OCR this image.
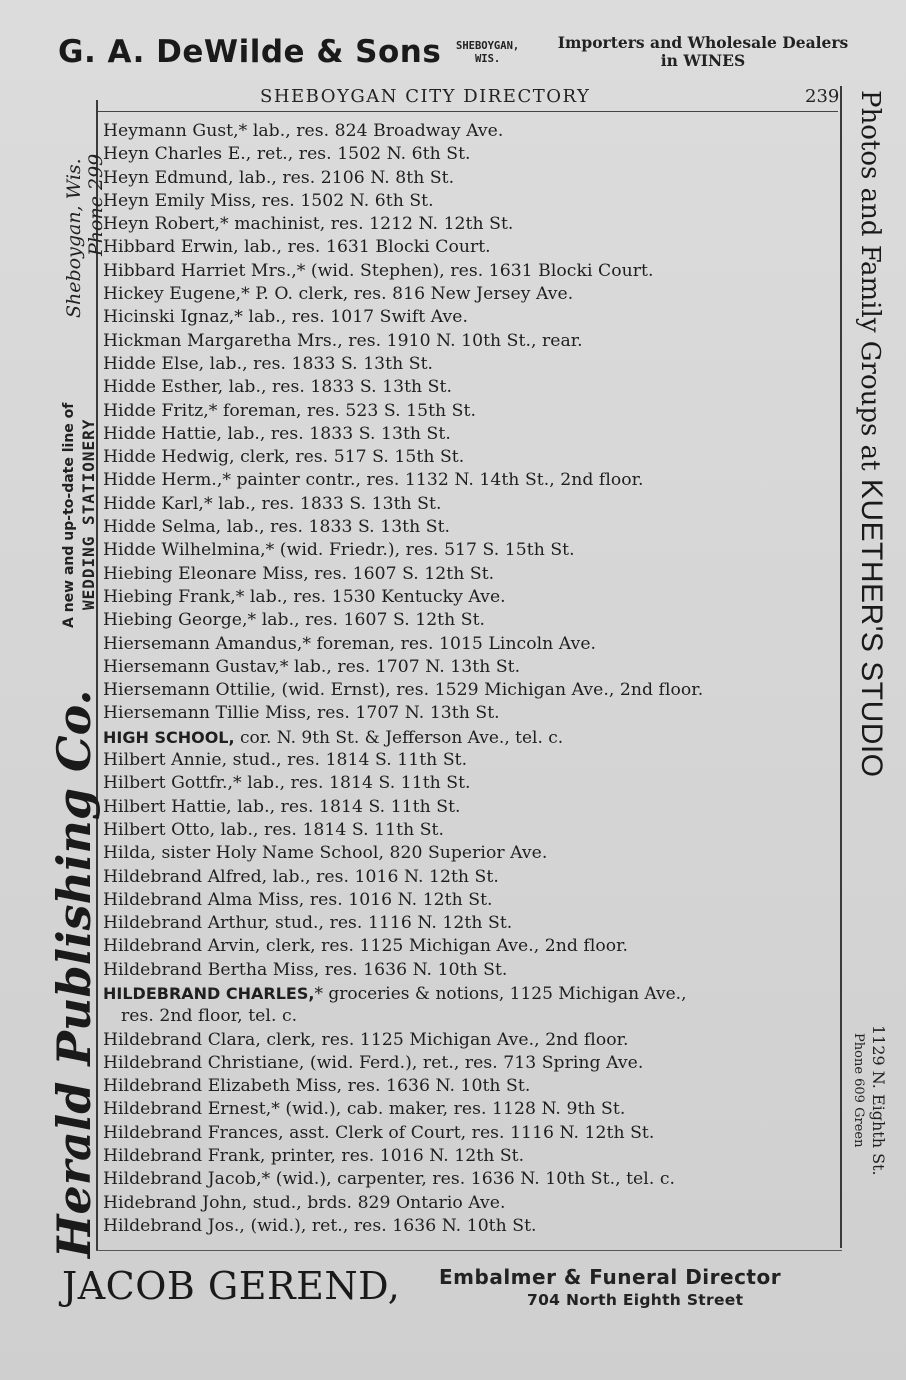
G. A. DeWilde & Sons SHEBOYGAN,
WIS.
Importers and Wholesale Dealers
in WINES
SHEBOYGAN CITY DIRECTORY	239
Herald Publishing Co.
A new and up-to-date line of WEDDING STATIONERY
Sheboygan, Wis. Phone 299	Photos and Family Groups at KUETHER'S STUDIO
1129 N. Eighth St.
Phone 609 Green
Heymann Gust,* lab., res. 824 Broadway Ave.
Heyn Charles E., ret., res. 1502 N. 6th St.
Heyn Edmund, lab., res. 2106 N. 8th St.
Heyn Emily Miss, res. 1502 N. 6th St.
Heyn Robert,* machinist, res. 1212 N. 12th St.
Hibbard Erwin, lab., res. 1631 Blocki Court.
Hibbard Harriet Mrs.,* (wid. Stephen), res. 1631 Blocki Court.
Hickey Eugene,* P. O. clerk, res. 816 New Jersey Ave.
Hicinski Ignaz,* lab., res. 1017 Swift Ave.
Hickman Margaretha Mrs., res. 1910 N. 10th St., rear.
Hidde Else, lab., res. 1833 S. 13th St.
Hidde Esther, lab., res. 1833 S. 13th St.
Hidde Fritz,* foreman, res. 523 S. 15th St.
Hidde Hattie, lab., res. 1833 S. 13th St.
Hidde Hedwig, clerk, res. 517 S. 15th St.
Hidde Herm.,* painter contr., res. 1132 N. 14th St., 2nd floor.
Hidde Karl,* lab., res. 1833 S. 13th St.
Hidde Selma, lab., res. 1833 S. 13th St.
Hidde Wilhelmina,* (wid. Friedr.), res. 517 S. 15th St.
Hiebing Eleonare Miss, res. 1607 S. 12th St.
Hiebing Frank,* lab., res. 1530 Kentucky Ave.
Hiebing George,* lab., res. 1607 S. 12th St.
Hiersemann Amandus,* foreman, res. 1015 Lincoln Ave.
Hiersemann Gustav,* lab., res. 1707 N. 13th St.
Hiersemann Ottilie, (wid. Ernst), res. 1529 Michigan Ave., 2nd floor.
Hiersemann Tillie Miss, res. 1707 N. 13th St.
HIGH SCHOOL, cor. N. 9th St. & Jefferson Ave., tel. c.
Hilbert Annie, stud., res. 1814 S. 11th St.
Hilbert Gottfr.,* lab., res. 1814 S. 11th St.
Hilbert Hattie, lab., res. 1814 S. 11th St.
Hilbert Otto, lab., res. 1814 S. 11th St.
Hilda, sister Holy Name School, 820 Superior Ave.
Hildebrand Alfred, lab., res. 1016 N. 12th St.
Hildebrand Alma Miss, res. 1016 N. 12th St.
Hildebrand Arthur, stud., res. 1116 N. 12th St.
Hildebrand Arvin, clerk, res. 1125 Michigan Ave., 2nd floor.
Hildebrand Bertha Miss, res. 1636 N. 10th St.
HILDEBRAND CHARLES,* groceries & notions, 1125 Michigan Ave.,
res. 2nd floor, tel. c.
Hildebrand Clara, clerk, res. 1125 Michigan Ave., 2nd floor.
Hildebrand Christiane, (wid. Ferd.), ret., res. 713 Spring Ave.
Hildebrand Elizabeth Miss, res. 1636 N. 10th St.
Hildebrand Ernest,* (wid.), cab. maker, res. 1128 N. 9th St.
Hildebrand Frances, asst. Clerk of Court, res. 1116 N. 12th St.
Hildebrand Frank, printer, res. 1016 N. 12th St.
Hildebrand Jacob,* (wid.), carpenter, res. 1636 N. 10th St., tel. c.
Hidebrand John, stud., brds. 829 Ontario Ave.
Hildebrand Jos., (wid.), ret., res. 1636 N. 10th St.
JACOB GEREND, Embalmer & Funeral Director
704 North Eighth Street
